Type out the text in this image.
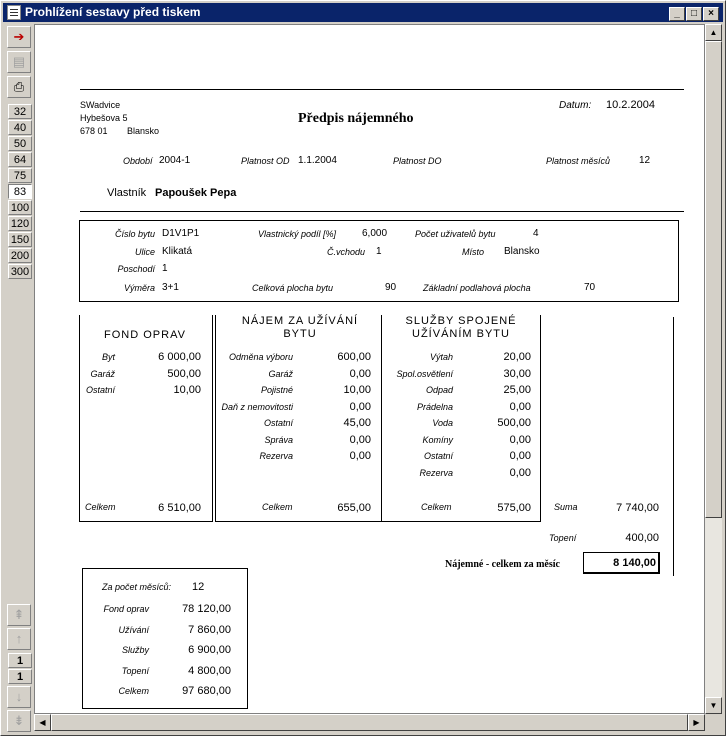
Prohlížení sestavy před tiskem	_	□	×
➔
▤
⎙
32
40
50
64
75
83
100
120
150
200
300
⇞
↑
1
1
↓
⇟
SWadvice
Hybešova 5
678 01 Blansko
Předpis nájemného
Datum: 10.2.2004
Období 2004-1	Platnost OD 1.1.2004	Platnost DO	Platnost měsíců	12
Vlastník Papoušek Pepa
Číslo bytu D1V1P1	Vlastnický podíl [%]	6,000	Počet uživatelů bytu	4
Ulice Klikatá	Č.vchodu 1	Místo Blansko
Poschodí 1
Výměra 3+1	Celková plocha bytu	90	Základní podlahová plocha	70
FOND OPRAV
NÁJEM ZA UŽÍVÁNÍ BYTU
SLUŽBY SPOJENÉ UŽÍVÁNÍM BYTU
Byt	6 000,00
Garáž	500,00
Ostatní	10,00
Odměna výboru	600,00
Garáž	0,00
Pojistné	10,00
Daň z nemovitosti	0,00
Ostatní	45,00
Správa	0,00
Rezerva	0,00
Výtah	20,00
Spol.osvětlení	30,00
Odpad	25,00
Prádelna	0,00
Voda	500,00
Komíny	0,00
Ostatní	0,00
Rezerva	0,00
Celkem	6 510,00	Celkem	655,00	Celkem	575,00	Suma	7 740,00
Topení	400,00
Nájemné - celkem za měsíc	8 140,00
Za počet měsíců: 12
Fond oprav	78 120,00
Užívání	7 860,00
Služby	6 900,00
Topení	4 800,00
Celkem	97 680,00
▲
▼
◀	▶
